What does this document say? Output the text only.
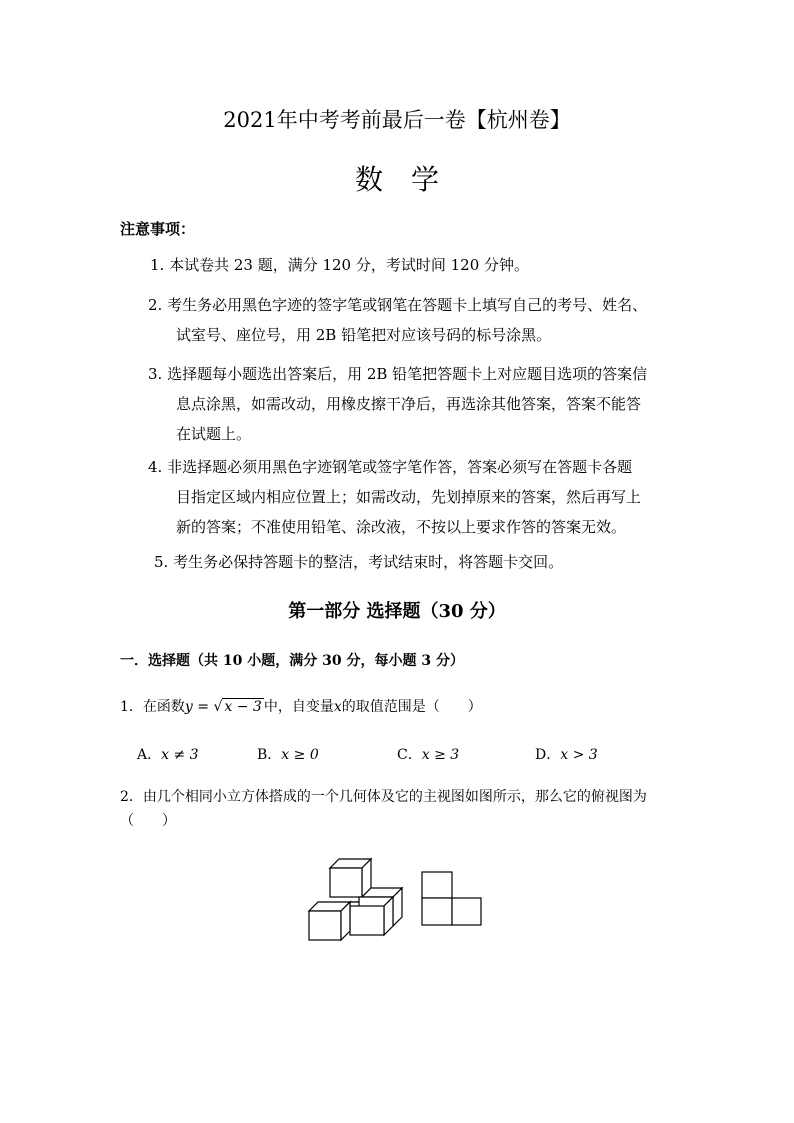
2021年中考考前最后一卷【杭州卷】
数学
注意事项：
1. 本试卷共 23 题，满分 120 分，考试时间 120 分钟。
2. 考生务必用黑色字迹的签字笔或钢笔在答题卡上填写自己的考号、姓名、
试室号、座位号，用 2B 铅笔把对应该号码的标号涂黑。
3. 选择题每小题选出答案后，用 2B 铅笔把答题卡上对应题目选项的答案信
息点涂黑，如需改动，用橡皮擦干净后，再选涂其他答案，答案不能答
在试题上。
4. 非选择题必须用黑色字迹钢笔或签字笔作答，答案必须写在答题卡各题
目指定区域内相应位置上；如需改动，先划掉原来的答案，然后再写上
新的答案；不准使用铅笔、涂改液，不按以上要求作答的答案无效。
5. 考生务必保持答题卡的整洁，考试结束时，将答题卡交回。
第一部分 选择题（30 分）
一．选择题（共 10 小题，满分 30 分，每小题 3 分）
1．在函数y = √ x − 3 中，自变量x的取值范围是（　　）
A．x ≠ 3	B．x ≥ 0	C．x ≥ 3	D．x > 3
2．由几个相同小立方体搭成的一个几何体及它的主视图如图所示，那么它的俯视图为
（　　）
